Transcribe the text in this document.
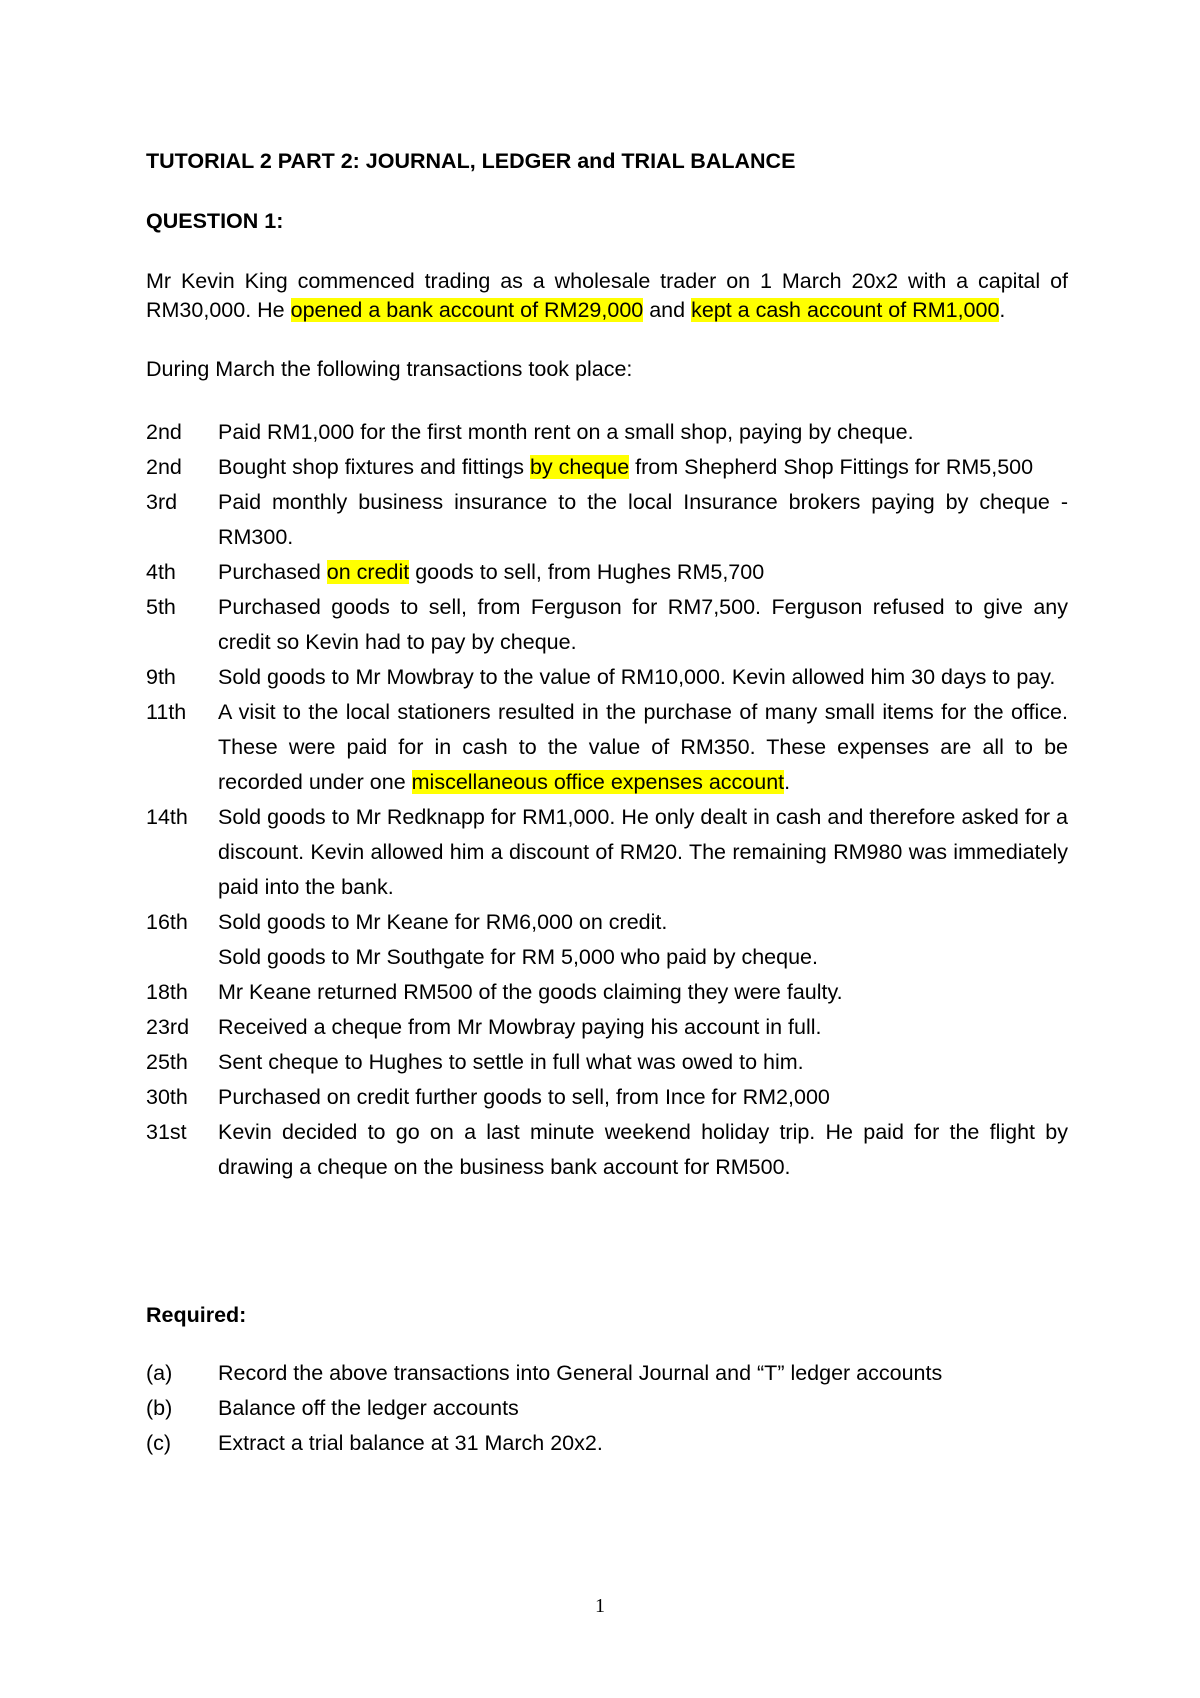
TUTORIAL 2 PART 2: JOURNAL, LEDGER and TRIAL BALANCE
QUESTION 1:
Mr Kevin King commenced trading as a wholesale trader on 1 March 20x2 with a capital of RM30,000. He opened a bank account of RM29,000 and kept a cash account of RM1,000.
During March the following transactions took place:
2nd	Paid RM1,000 for the first month rent on a small shop, paying by cheque.
2nd	Bought shop fixtures and fittings by cheque from Shepherd Shop Fittings for RM5,500
3rd	Paid monthly business insurance to the local Insurance brokers paying by cheque - RM300.
4th	Purchased on credit goods to sell, from Hughes RM5,700
5th	Purchased goods to sell, from Ferguson for RM7,500. Ferguson refused to give any credit so Kevin had to pay by cheque.
9th	Sold goods to Mr Mowbray to the value of RM10,000. Kevin allowed him 30 days to pay.
11th	A visit to the local stationers resulted in the purchase of many small items for the office. These were paid for in cash to the value of RM350. These expenses are all to be recorded under one miscellaneous office expenses account.
14th	Sold goods to Mr Redknapp for RM1,000. He only dealt in cash and therefore asked for a discount. Kevin allowed him a discount of RM20. The remaining RM980 was immediately paid into the bank.
16th	Sold goods to Mr Keane for RM6,000 on credit.
Sold goods to Mr Southgate for RM 5,000 who paid by cheque.
18th	Mr Keane returned RM500 of the goods claiming they were faulty.
23rd	Received a cheque from Mr Mowbray paying his account in full.
25th	Sent cheque to Hughes to settle in full what was owed to him.
30th	Purchased on credit further goods to sell, from Ince for RM2,000
31st	Kevin decided to go on a last minute weekend holiday trip. He paid for the flight by drawing a cheque on the business bank account for RM500.
Required:
(a)	Record the above transactions into General Journal and “T” ledger accounts
(b)	Balance off the ledger accounts
(c)	Extract a trial balance at 31 March 20x2.
1
